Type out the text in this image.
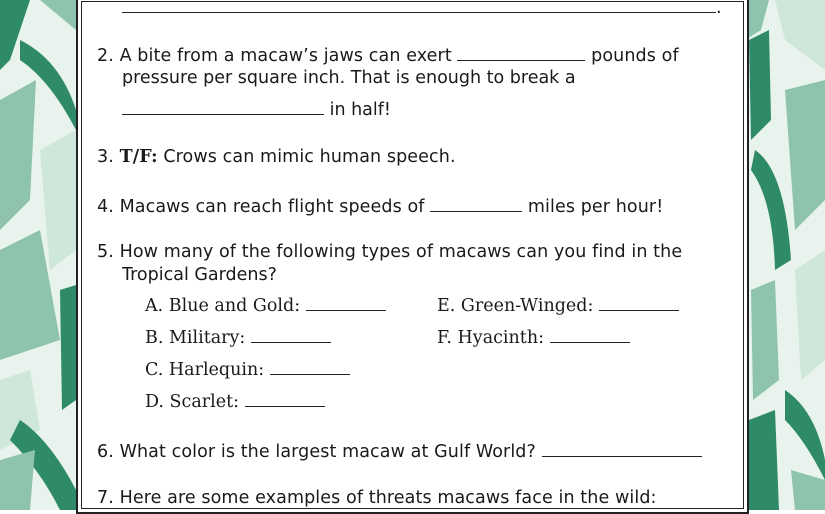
.
2. A bite from a macaw’s jaws can exert	pounds of
pressure per square inch. That is enough to break a
in half!
3. T/F: Crows can mimic human speech.
4. Macaws can reach flight speeds of	miles per hour!
5. How many of the following types of macaws can you find in the
Tropical Gardens?
A. Blue and Gold:
B. Military:
C. Harlequin:
D. Scarlet:
E. Green-Winged:
F. Hyacinth:
6. What color is the largest macaw at Gulf World?
7. Here are some examples of threats macaws face in the wild:
